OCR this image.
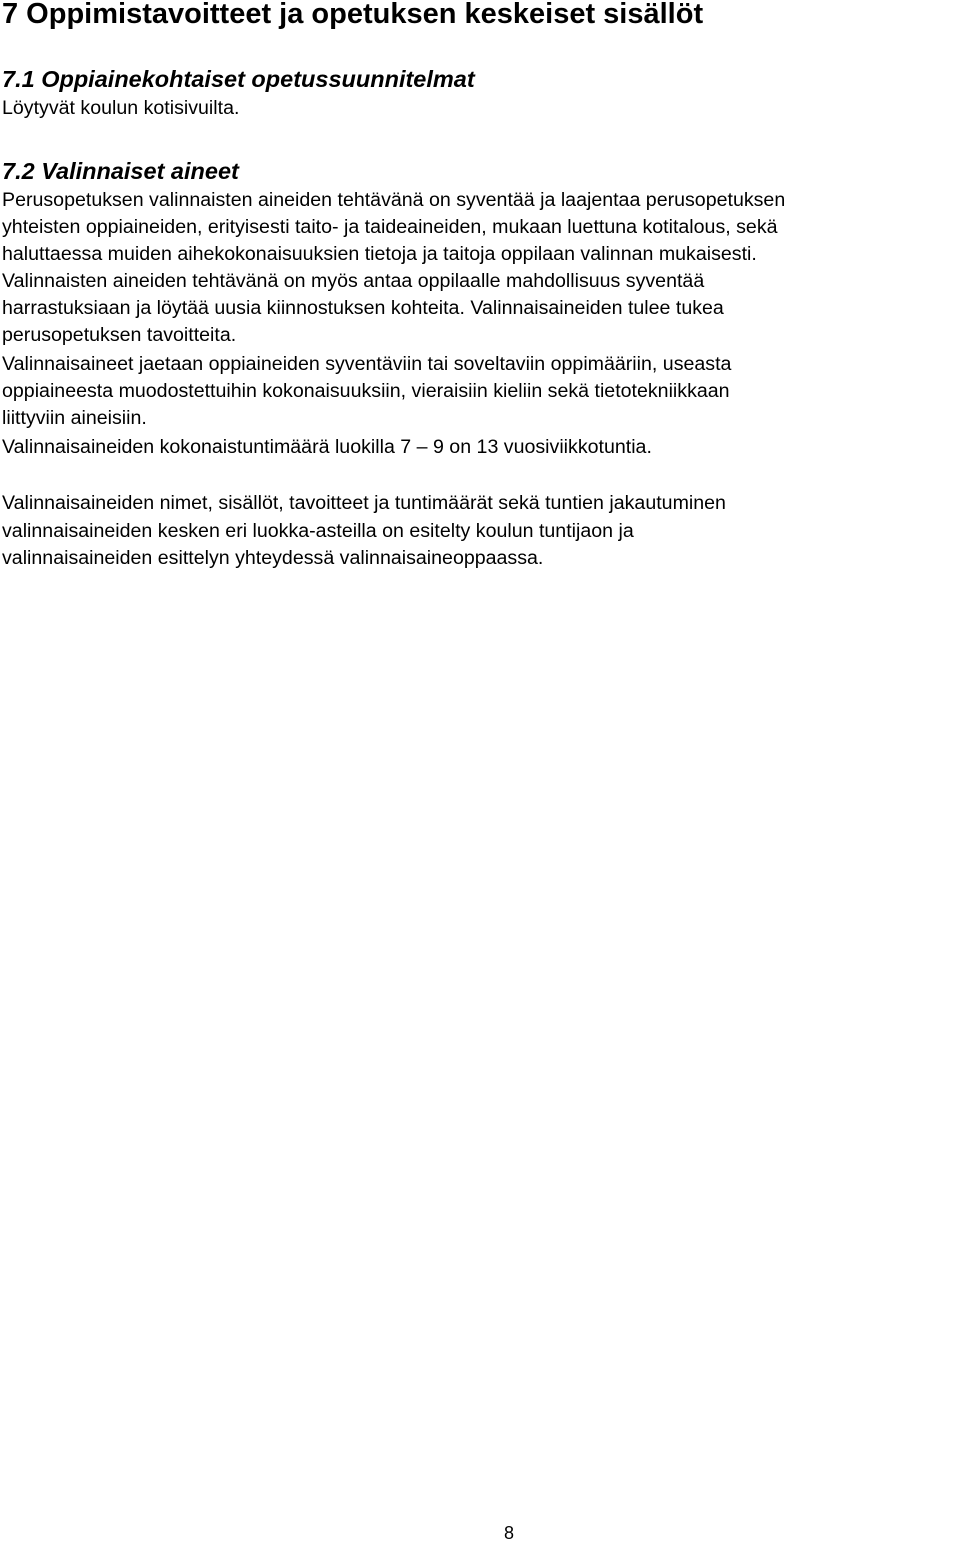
7 Oppimistavoitteet ja opetuksen keskeiset sisällöt
7.1 Oppiainekohtaiset opetussuunnitelmat

Löytyvät koulun kotisivuilta.

7.2 Valinnaiset aineet

Perusopetuksen valinnaisten aineiden tehtävänä on syventää ja laajentaa perusopetuksen

yhteisten oppiaineiden, erityisesti taito- ja taideaineiden, mukaan luettuna kotitalous, sekä

haluttaessa muiden aihekokonaisuuksien tietoja ja taitoja oppilaan valinnan mukaisesti.

Valinnaisten aineiden tehtävänä on myös antaa oppilaalle mahdollisuus syventää

harrastuksiaan ja löytää uusia kiinnostuksen kohteita. Valinnaisaineiden tulee tukea

perusopetuksen tavoitteita.

Valinnaisaineet jaetaan oppiaineiden syventäviin tai soveltaviin oppimääriin, useasta

oppiaineesta muodostettuihin kokonaisuuksiin, vieraisiin kieliin sekä tietotekniikkaan

liittyviin aineisiin.

Valinnaisaineiden kokonaistuntimäärä luokilla 7 – 9 on 13 vuosiviikkotuntia.

Valinnaisaineiden nimet, sisällöt, tavoitteet ja tuntimäärät sekä tuntien jakautuminen

valinnaisaineiden kesken eri luokka-asteilla on esitelty koulun tuntijaon ja

valinnaisaineiden esittelyn yhteydessä valinnaisaineoppaassa.

8
